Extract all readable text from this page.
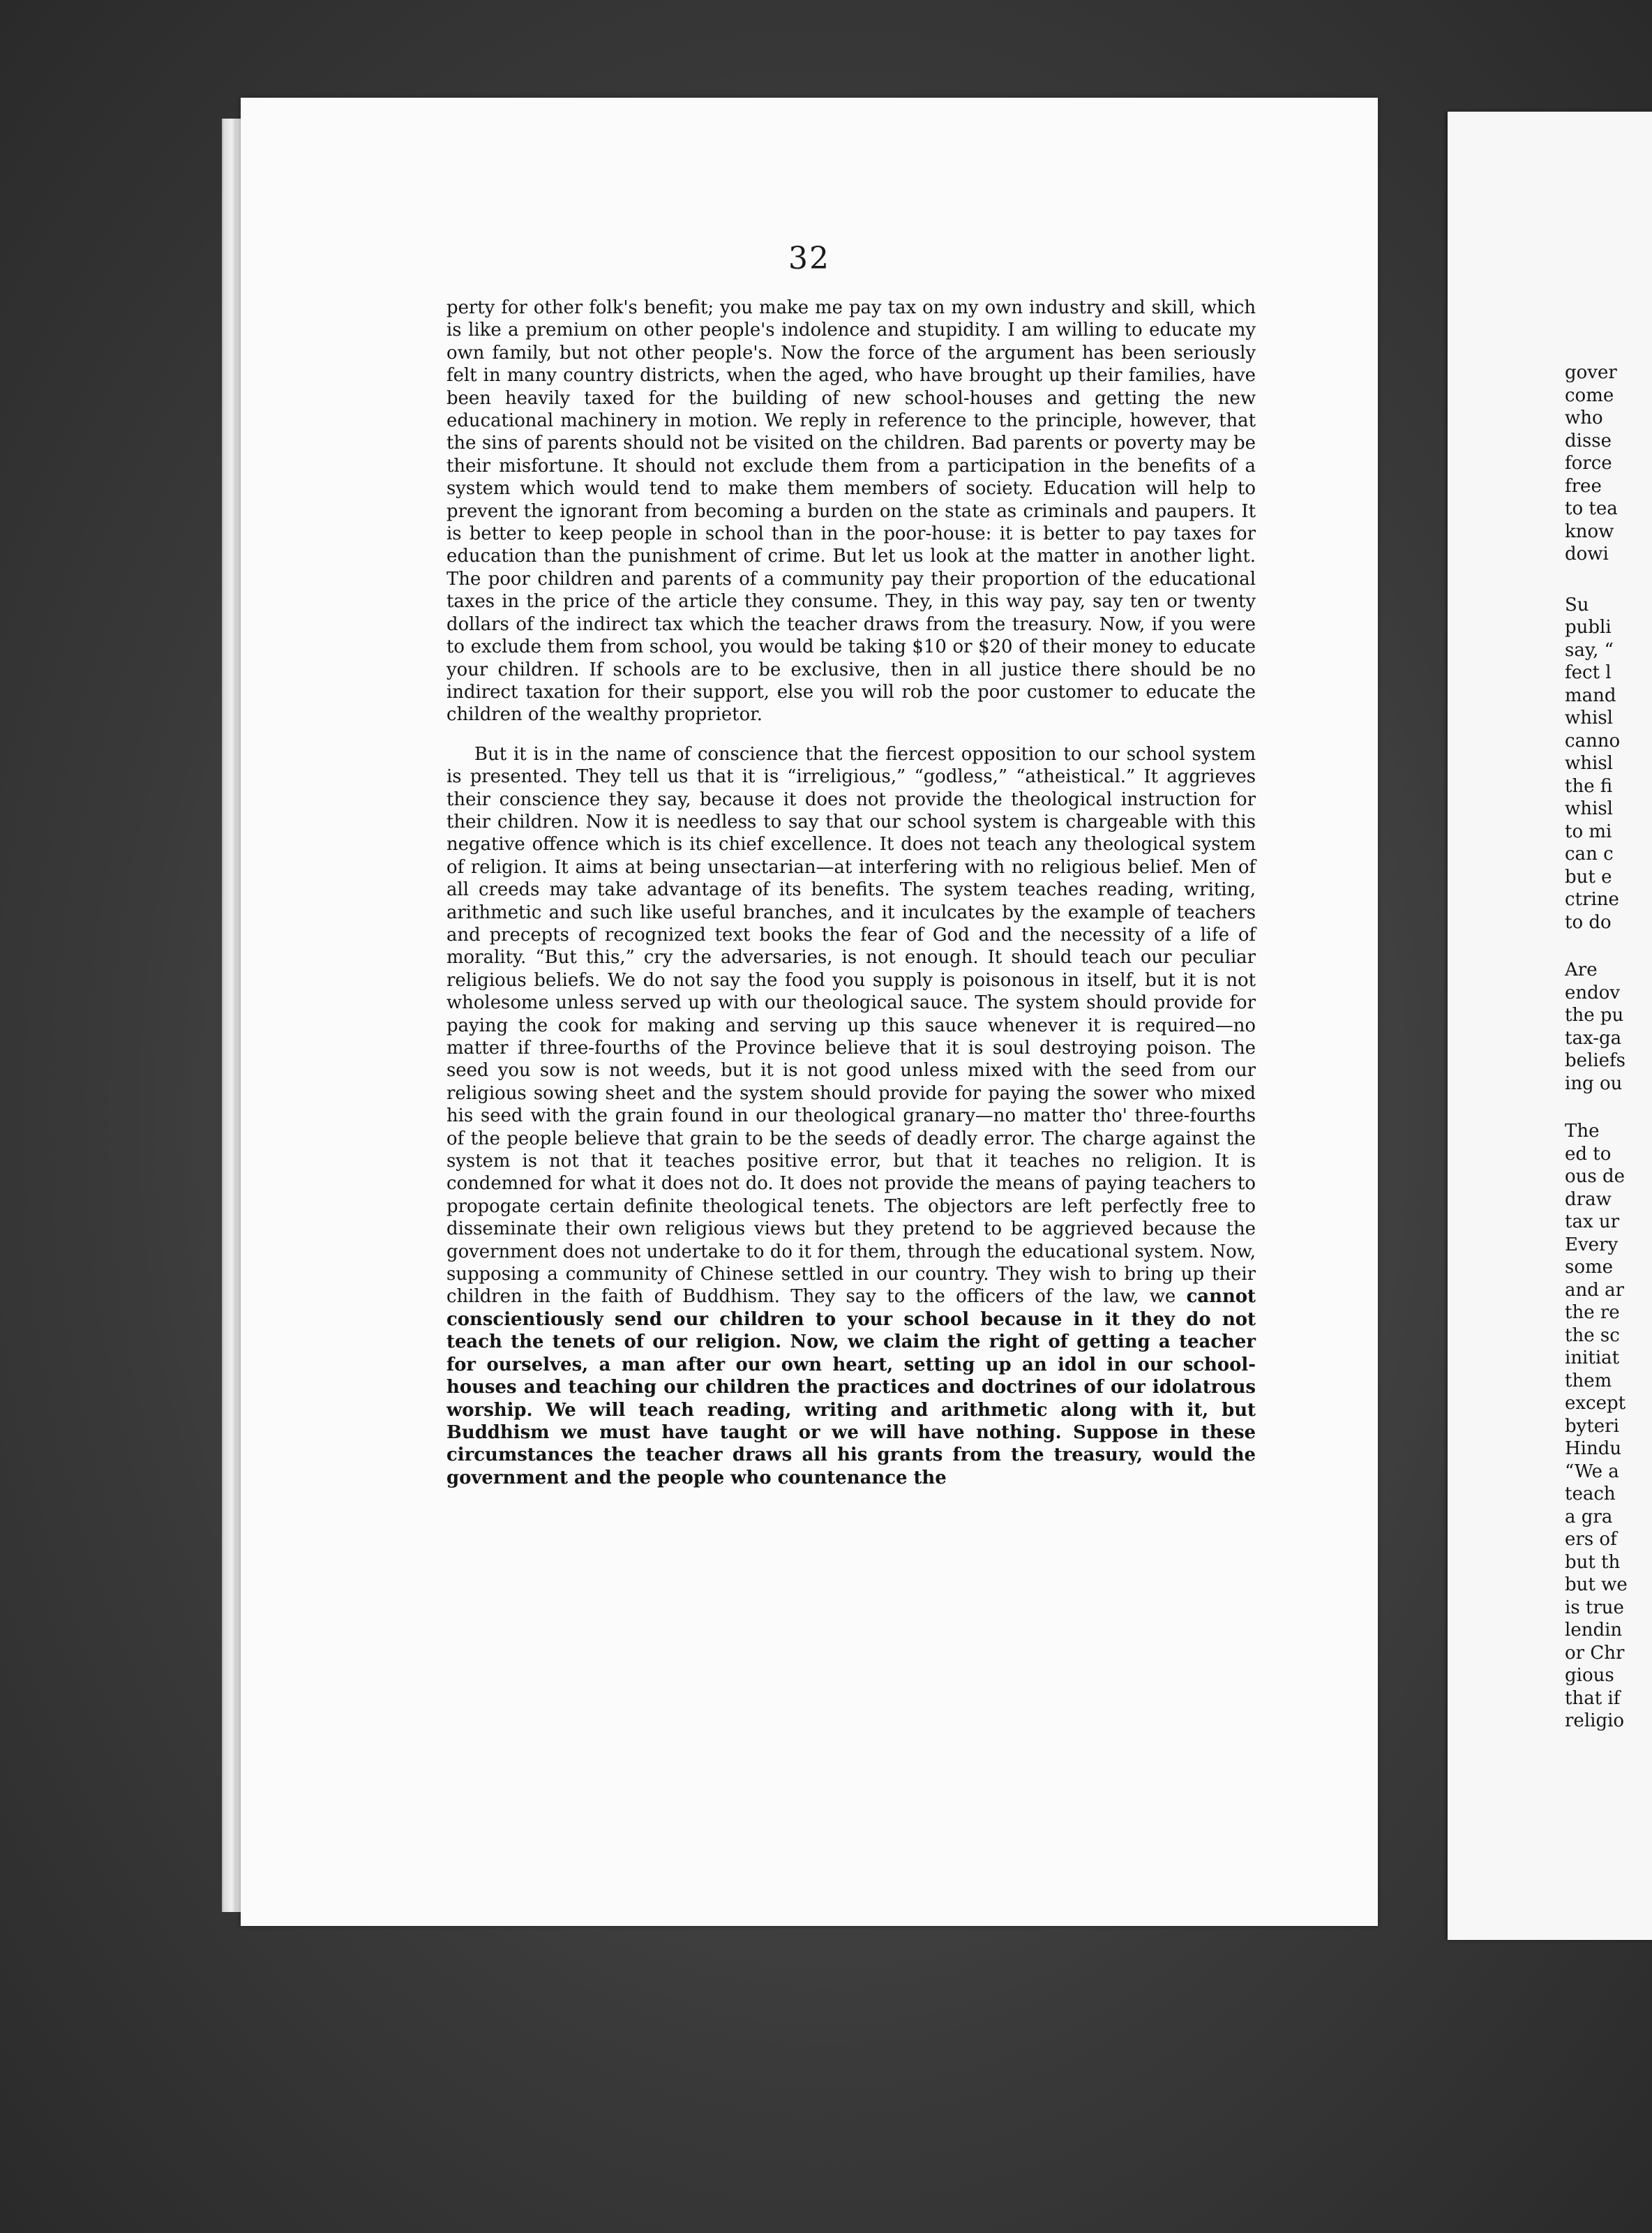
32

perty for other folk's benefit; you make me pay tax on my own industry and skill, which is like a premium on other people's indolence and stupidity. I am willing to educate my own family, but not other people's. Now the force of the argument has been seriously felt in many country districts, when the aged, who have brought up their families, have been heavily taxed for the building of new school-houses and getting the new educational machinery in motion. We reply in reference to the principle, however, that the sins of parents should not be visited on the children. Bad parents or poverty may be their misfortune. It should not exclude them from a participation in the benefits of a system which would tend to make them members of society. Education will help to prevent the ignorant from becoming a burden on the state as criminals and paupers. It is better to keep people in school than in the poor-house: it is better to pay taxes for education than the punishment of crime. But let us look at the matter in another light. The poor children and parents of a community pay their proportion of the educational taxes in the price of the article they consume. They, in this way pay, say ten or twenty dollars of the indirect tax which the teacher draws from the treasury. Now, if you were to exclude them from school, you would be taking $10 or $20 of their money to educate your children. If schools are to be exclusive, then in all justice there should be no indirect taxation for their support, else you will rob the poor customer to educate the children of the wealthy proprietor.

But it is in the name of conscience that the fiercest opposition to our school system is presented. They tell us that it is “irreligious,” “godless,” “atheistical.” It aggrieves their conscience they say, because it does not provide the theological instruction for their children. Now it is needless to say that our school system is chargeable with this negative offence which is its chief excellence. It does not teach any theological system of religion. It aims at being unsectarian—at interfering with no religious belief. Men of all creeds may take advantage of its benefits. The system teaches reading, writing, arithmetic and such like useful branches, and it inculcates by the example of teachers and precepts of recognized text books the fear of God and the necessity of a life of morality. “But this,” cry the adversaries, is not enough. It should teach our peculiar religious beliefs. We do not say the food you supply is poisonous in itself, but it is not wholesome unless served up with our theological sauce. The system should provide for paying the cook for making and serving up this sauce whenever it is required—no matter if three-fourths of the Province believe that it is soul destroying poison. The seed you sow is not weeds, but it is not good unless mixed with the seed from our religious sowing sheet and the system should provide for paying the sower who mixed his seed with the grain found in our theological granary—no matter tho' three-fourths of the people believe that grain to be the seeds of deadly error. The charge against the system is not that it teaches positive error, but that it teaches no religion. It is condemned for what it does not do. It does not provide the means of paying teachers to propogate certain definite theological tenets. The objectors are left perfectly free to disseminate their own religious views but they pretend to be aggrieved because the government does not undertake to do it for them, through the educational system. Now, supposing a community of Chinese settled in our country. They wish to bring up their children in the faith of Buddhism. They say to the officers of the law, we cannot conscientiously send our children to your school because in it they do not teach the tenets of our religion. Now, we claim the right of getting a teacher for ourselves, a man after our own heart, setting up an idol in our school-houses and teaching our children the practices and doctrines of our idolatrous worship. We will teach reading, writing and arithmetic along with it, but Buddhism we must have taught or we will have nothing. Suppose in these circumstances the teacher draws all his grants from the treasury, would the government and the people who countenance the

gover
come
who
disse
force
free
to tea
know
dowi
Su
publi
say, “
fect l
mand
whisl
canno
whisl
the fi
whisl
to mi
can c
but e
ctrine
to do
Are
endov
the pu
tax-ga
beliefs
ing ou
The
ed to
ous de
draw
tax ur
Every
some
and ar
the re
the sc
initiat
them
except
byteri
Hindu
“We a
teach
a gra
ers of
but th
but we
is true
lendin
or Chr
gious
that if
religio
